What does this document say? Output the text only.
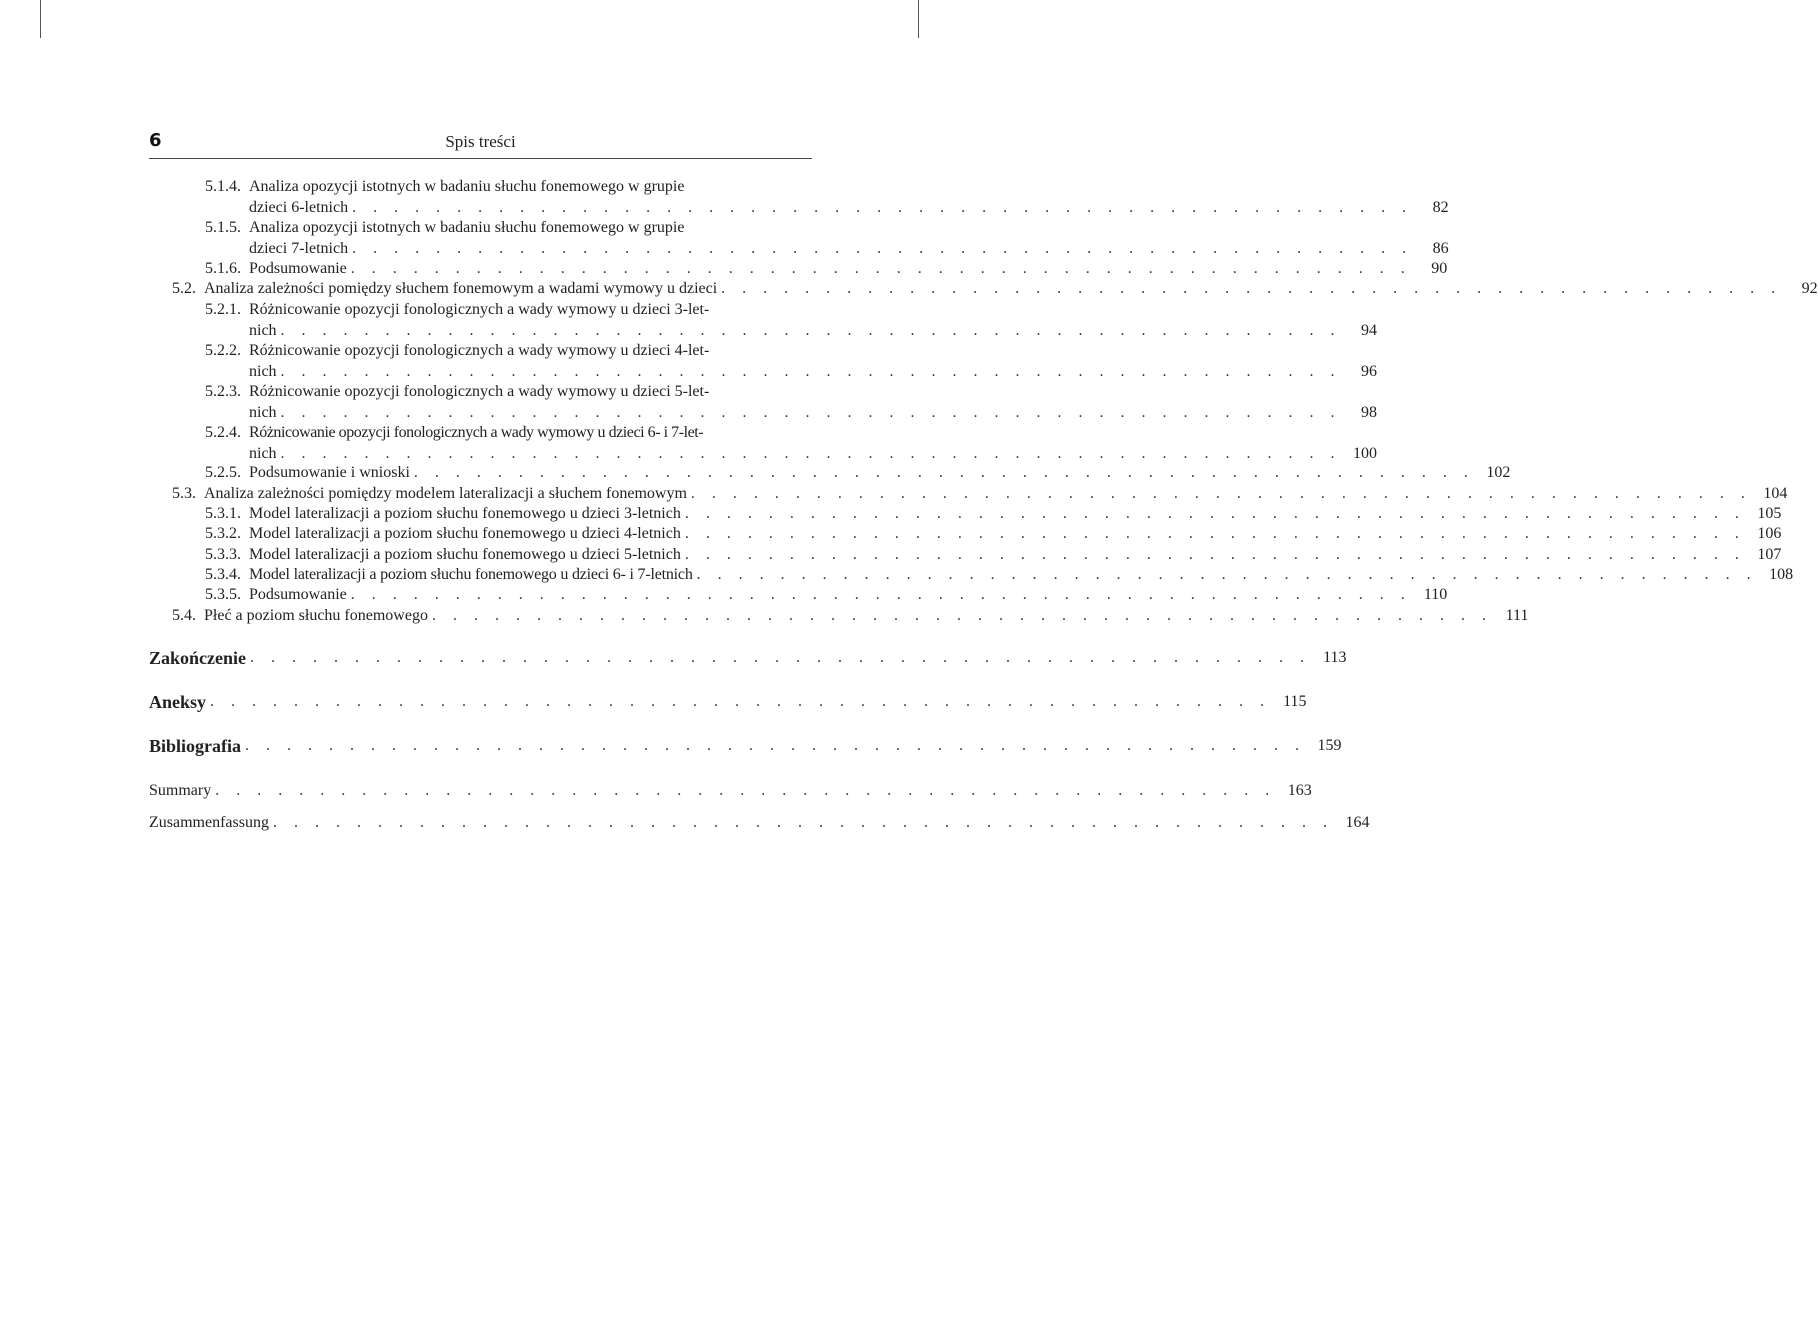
6	Spis treści
5.1.4. Analiza opozycji istotnych w badaniu słuchu fonemowego w grupie
dzieci 6-letnich . . . . . . . . . . . . . . . . . . . . . . . . . . . . . . . . . . . . . . . . . . . . . . . . . . .	82
5.1.5. Analiza opozycji istotnych w badaniu słuchu fonemowego w grupie
dzieci 7-letnich . . . . . . . . . . . . . . . . . . . . . . . . . . . . . . . . . . . . . . . . . . . . . . . . . . .	86
5.1.6. Podsumowanie . . . . . . . . . . . . . . . . . . . . . . . . . . . . . . . . . . . . . . . . . . . . . . . . . . .	90
5.2. Analiza zależności pomiędzy słuchem fonemowym a wadami wymowy u dzieci . . . . . . . . . . . . . . . . . . . . . . . . . . . . . . . . . . . . . . . . . . . . . . . . . . .	92
5.2.1. Różnicowanie opozycji fonologicznych a wady wymowy u dzieci 3-let-
nich . . . . . . . . . . . . . . . . . . . . . . . . . . . . . . . . . . . . . . . . . . . . . . . . . . .	94
5.2.2. Różnicowanie opozycji fonologicznych a wady wymowy u dzieci 4-let-
nich . . . . . . . . . . . . . . . . . . . . . . . . . . . . . . . . . . . . . . . . . . . . . . . . . . .	96
5.2.3. Różnicowanie opozycji fonologicznych a wady wymowy u dzieci 5-let-
nich . . . . . . . . . . . . . . . . . . . . . . . . . . . . . . . . . . . . . . . . . . . . . . . . . . .	98
5.2.4. Różnicowanie opozycji fonologicznych a wady wymowy u dzieci 6- i 7-let-
nich . . . . . . . . . . . . . . . . . . . . . . . . . . . . . . . . . . . . . . . . . . . . . . . . . . . 100
5.2.5. Podsumowanie i wnioski . . . . . . . . . . . . . . . . . . . . . . . . . . . . . . . . . . . . . . . . . . . . . . . . . . . 102
5.3. Analiza zależności pomiędzy modelem lateralizacji a słuchem fonemowym . . . . . . . . . . . . . . . . . . . . . . . . . . . . . . . . . . . . . . . . . . . . . . . . . . . 104
5.3.1. Model lateralizacji a poziom słuchu fonemowego u dzieci 3-letnich . . . . . . . . . . . . . . . . . . . . . . . . . . . . . . . . . . . . . . . . . . . . . . . . . . . 105
5.3.2. Model lateralizacji a poziom słuchu fonemowego u dzieci 4-letnich . . . . . . . . . . . . . . . . . . . . . . . . . . . . . . . . . . . . . . . . . . . . . . . . . . . 106
5.3.3. Model lateralizacji a poziom słuchu fonemowego u dzieci 5-letnich . . . . . . . . . . . . . . . . . . . . . . . . . . . . . . . . . . . . . . . . . . . . . . . . . . . 107
5.3.4. Model lateralizacji a poziom słuchu fonemowego u dzieci 6- i 7-letnich . . . . . . . . . . . . . . . . . . . . . . . . . . . . . . . . . . . . . . . . . . . . . . . . . . . 108
5.3.5. Podsumowanie . . . . . . . . . . . . . . . . . . . . . . . . . . . . . . . . . . . . . . . . . . . . . . . . . . . 110
5.4. Płeć a poziom słuchu fonemowego . . . . . . . . . . . . . . . . . . . . . . . . . . . . . . . . . . . . . . . . . . . . . . . . . . . 111
Zakończenie . . . . . . . . . . . . . . . . . . . . . . . . . . . . . . . . . . . . . . . . . . . . . . . . . . . 113
Aneksy . . . . . . . . . . . . . . . . . . . . . . . . . . . . . . . . . . . . . . . . . . . . . . . . . . . 115
Bibliografia . . . . . . . . . . . . . . . . . . . . . . . . . . . . . . . . . . . . . . . . . . . . . . . . . . . 159
Summary . . . . . . . . . . . . . . . . . . . . . . . . . . . . . . . . . . . . . . . . . . . . . . . . . . . 163
Zusammenfassung . . . . . . . . . . . . . . . . . . . . . . . . . . . . . . . . . . . . . . . . . . . . . . . . . . . 164
